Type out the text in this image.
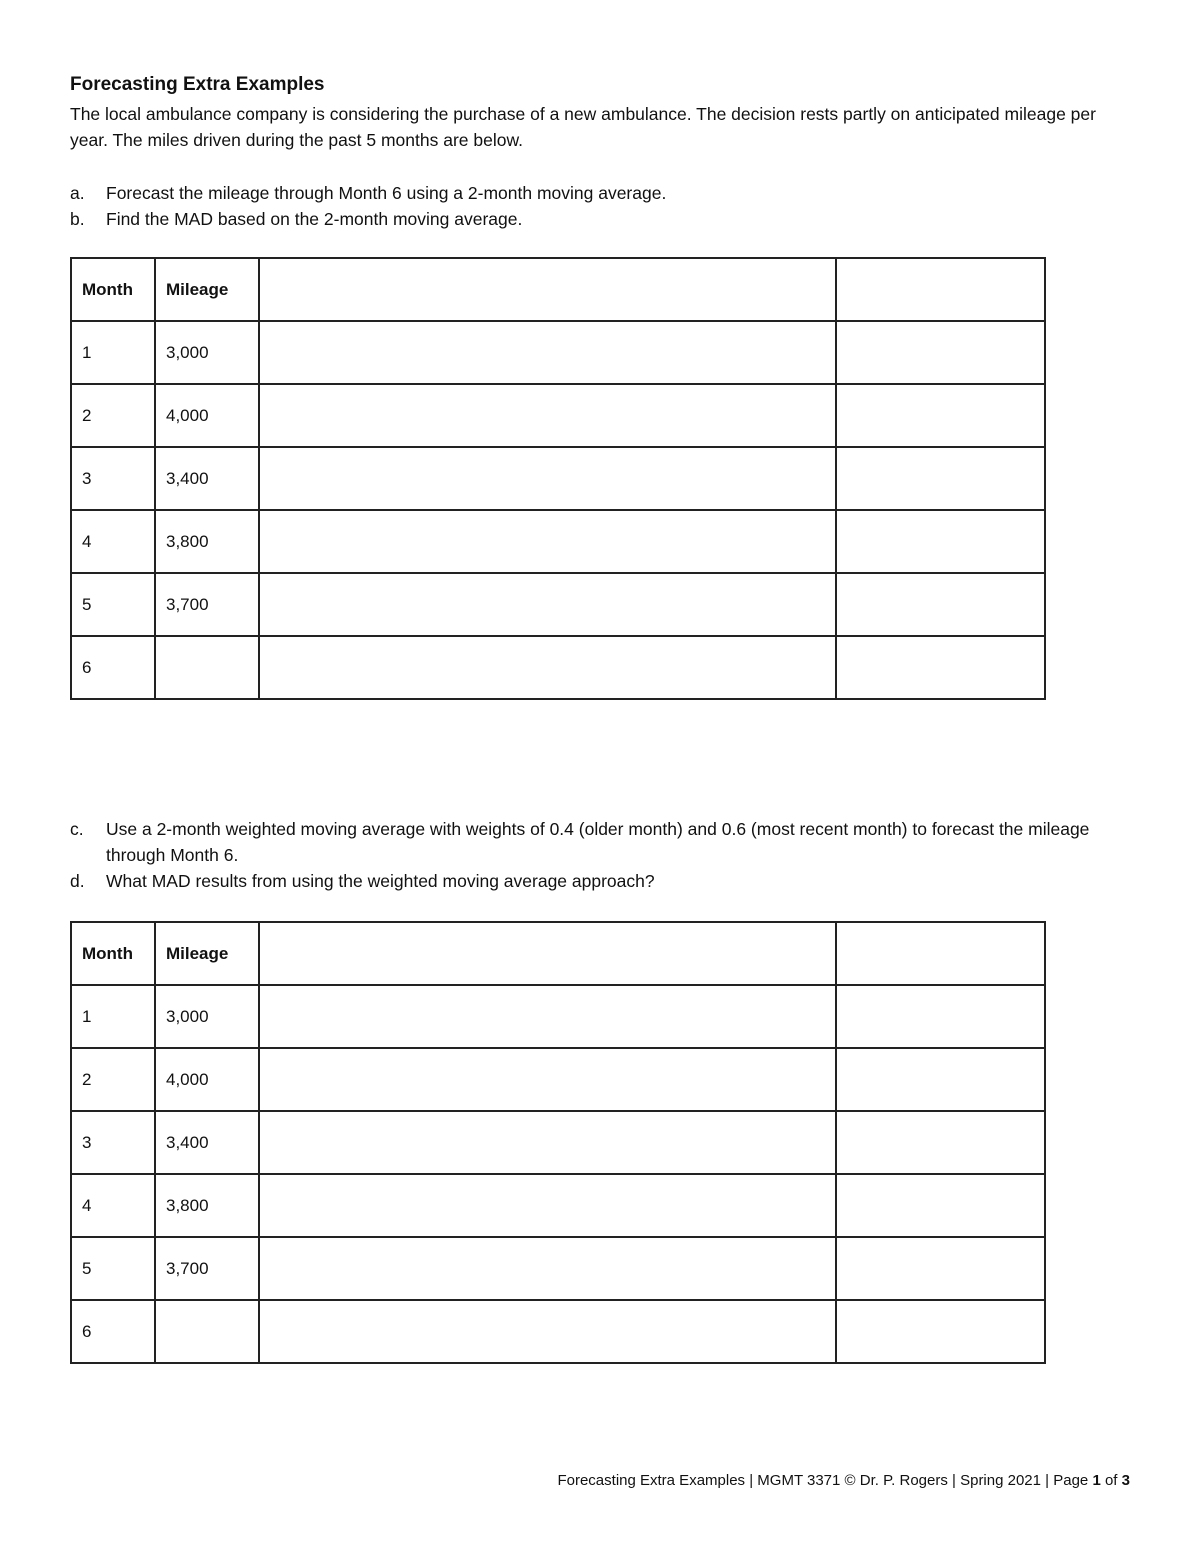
Forecasting Extra Examples

The local ambulance company is considering the purchase of a new ambulance. The decision rests partly on anticipated mileage per year. The miles driven during the past 5 months are below.

a.	Forecast the mileage through Month 6 using a 2-month moving average.
b.	Find the MAD based on the 2-month moving average.
Month	Mileage		
1	3,000		
2	4,000		
3	3,400		
4	3,800		
5	3,700		
6			
c.	Use a 2-month weighted moving average with weights of 0.4 (older month) and 0.6 (most recent month) to forecast the mileage through Month 6.
d.	What MAD results from using the weighted moving average approach?
Month	Mileage		
1	3,000		
2	4,000		
3	3,400		
4	3,800		
5	3,700		
6			

Forecasting Extra Examples | MGMT 3371 © Dr. P. Rogers | Spring 2021 | Page 1 of 3
